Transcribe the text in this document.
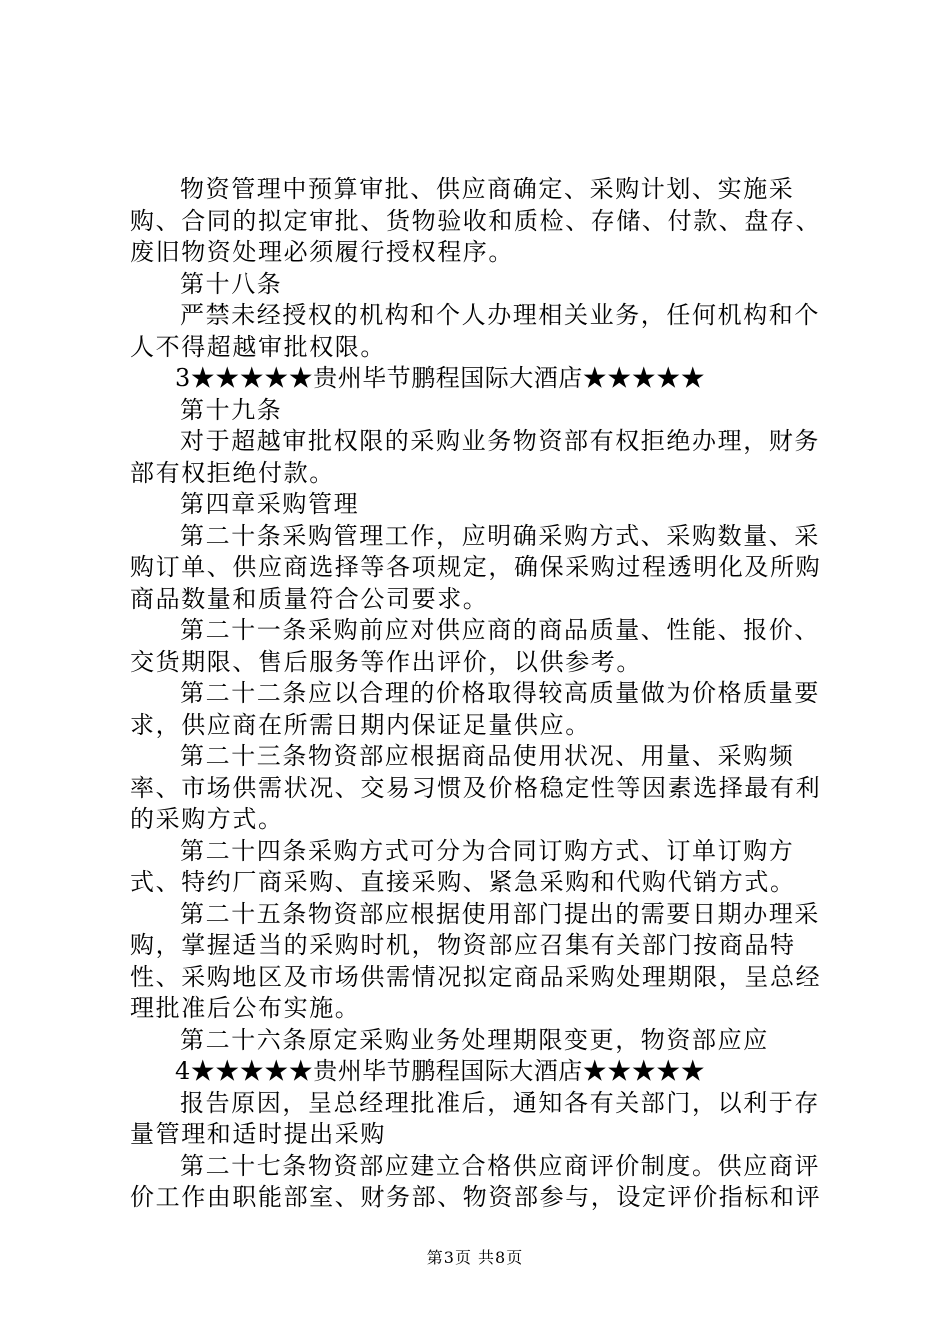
物资管理中预算审批、供应商确定、采购计划、实施采购、合同的拟定审批、货物验收和质检、存储、付款、盘存、废旧物资处理必须履行授权程序。

第十八条

严禁未经授权的机构和个人办理相关业务，任何机构和个人不得超越审批权限。

3★★★★★贵州毕节鹏程国际大酒店★★★★★

第十九条

对于超越审批权限的采购业务物资部有权拒绝办理，财务部有权拒绝付款。

第四章采购管理

第二十条采购管理工作，应明确采购方式、采购数量、采购订单、供应商选择等各项规定，确保采购过程透明化及所购商品数量和质量符合公司要求。

第二十一条采购前应对供应商的商品质量、性能、报价、交货期限、售后服务等作出评价，以供参考。

第二十二条应以合理的价格取得较高质量做为价格质量要求，供应商在所需日期内保证足量供应。

第二十三条物资部应根据商品使用状况、用量、采购频率、市场供需状况、交易习惯及价格稳定性等因素选择最有利的采购方式。

第二十四条采购方式可分为合同订购方式、订单订购方式、特约厂商采购、直接采购、紧急采购和代购代销方式。

第二十五条物资部应根据使用部门提出的需要日期办理采购，掌握适当的采购时机，物资部应召集有关部门按商品特性、采购地区及市场供需情况拟定商品采购处理期限，呈总经理批准后公布实施。

第二十六条原定采购业务处理期限变更，物资部应应

4★★★★★贵州毕节鹏程国际大酒店★★★★★

报告原因，呈总经理批准后，通知各有关部门，以利于存量管理和适时提出采购

第二十七条物资部应建立合格供应商评价制度。供应商评价工作由职能部室、财务部、物资部参与，设定评价指标和评

第3页 共8页
